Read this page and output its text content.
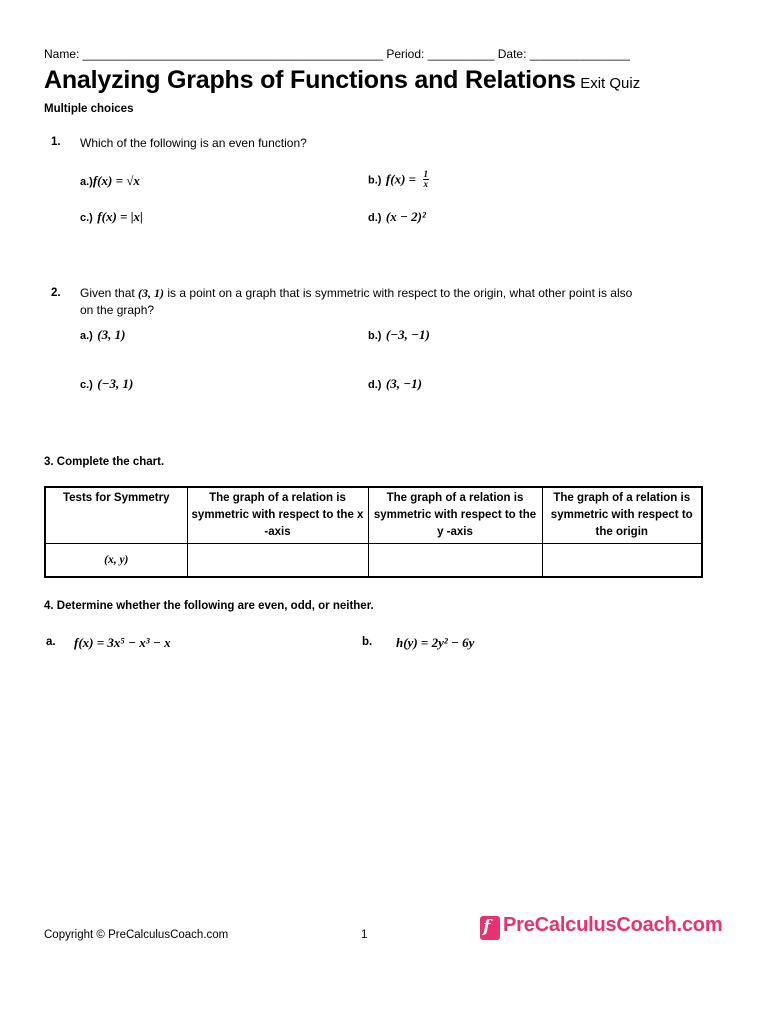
Name: _____________________________________________ Period: __________ Date: _______________
Analyzing Graphs of Functions and Relations Exit Quiz
Multiple choices
1. Which of the following is an even function?
a.)f(x) = √x	b.) $f(x) = \frac{1}{x}$
c.) f(x) = |x|	d.) (x − 2)²
2. Given that (3, 1) is a point on a graph that is symmetric with respect to the origin, what other point is also
on the graph?
a.) (3, 1)	b.) (−3, −1)
c.) (−3, 1)	d.) (3, −1)
3. Complete the chart.
Tests for Symmetry	The graph of a relation is symmetric with respect to the x -axis	The graph of a relation is symmetric with respect to the y -axis	The graph of a relation is symmetric with respect to the origin
(x, y)			
4. Determine whether the following are even, odd, or neither.
a. f(x) = 3x⁵ − x³ − x	b. h(y) = 2y² − 6y
Copyright © PreCalculusCoach.com	1	f PreCalculusCoach.com
